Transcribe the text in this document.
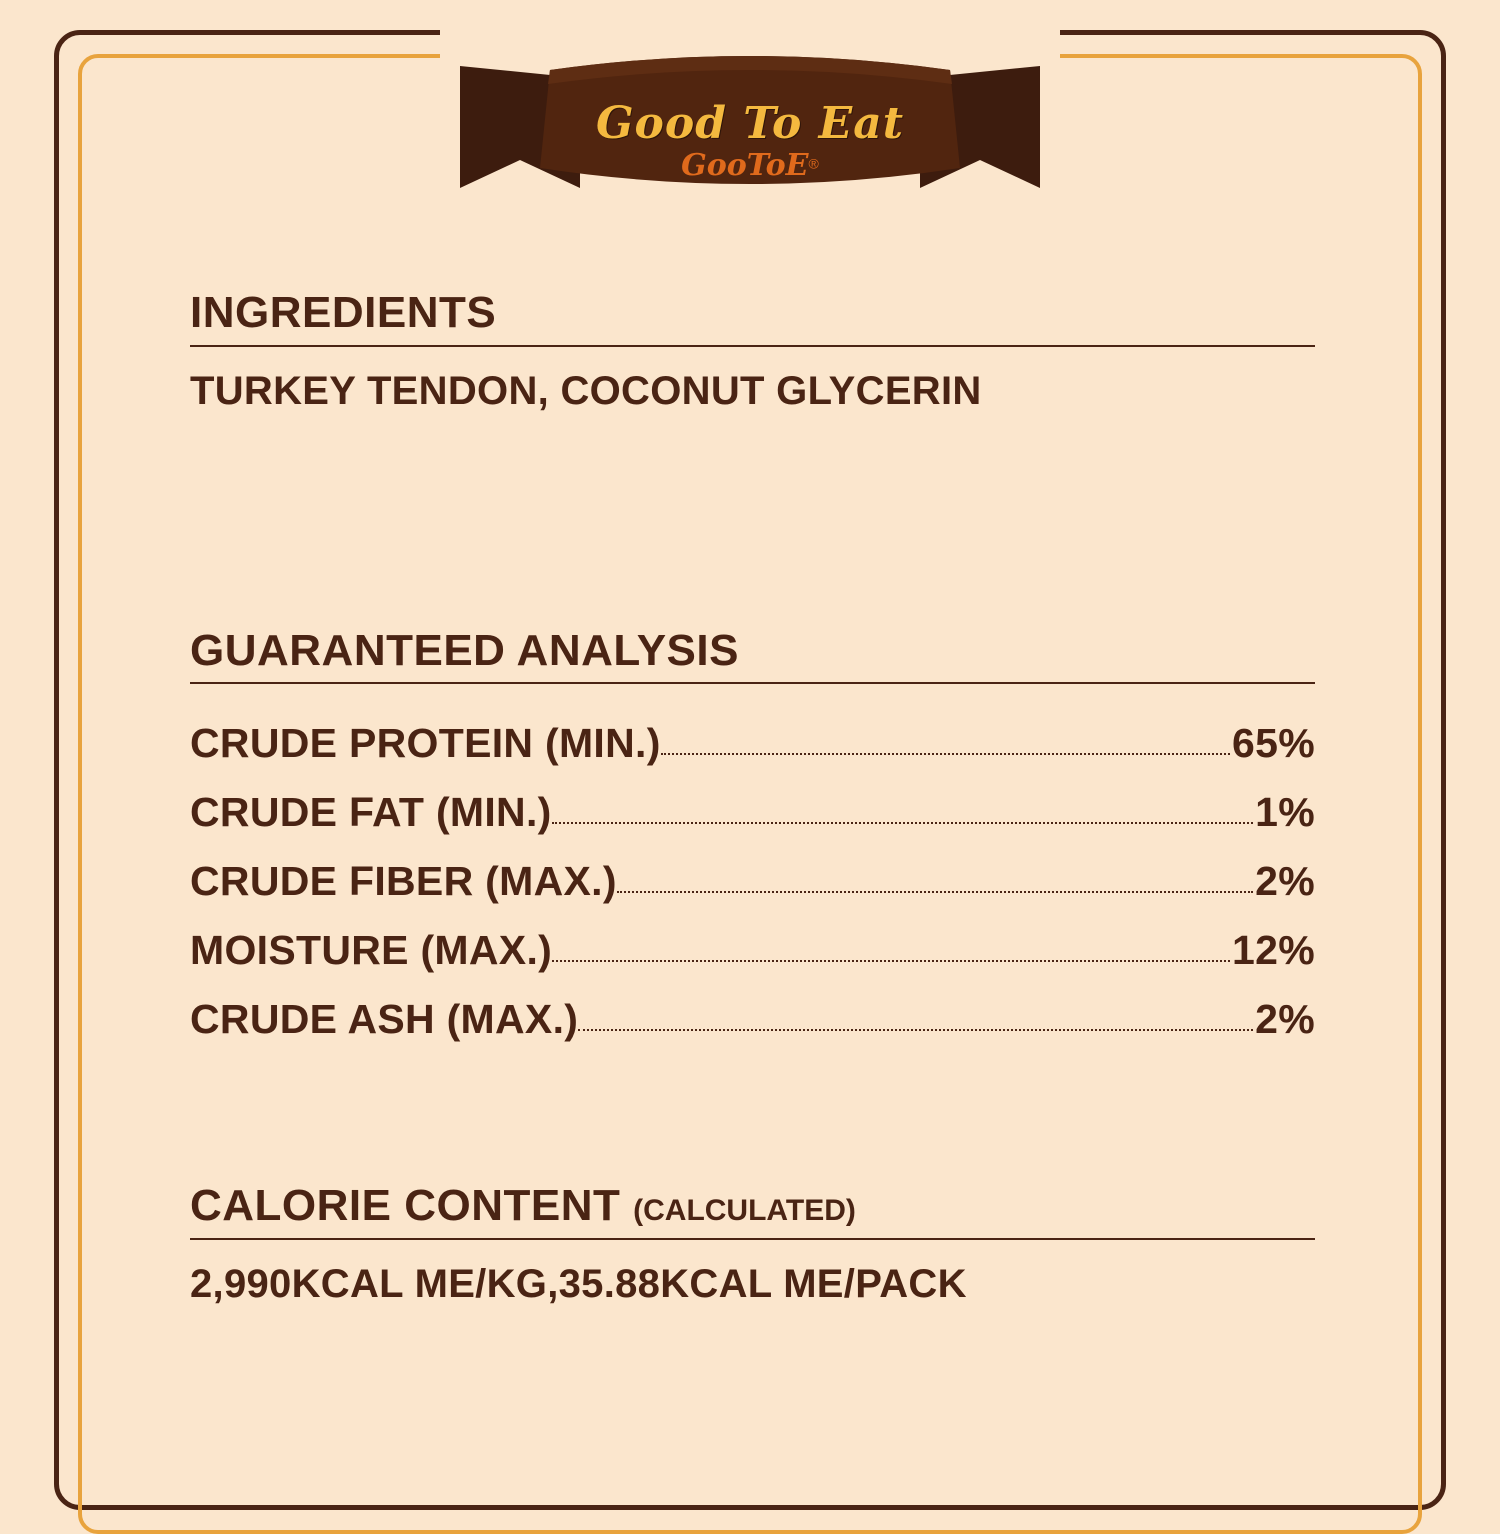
Good To Eat
GooToE®
INGREDIENTS
TURKEY TENDON, COCONUT GLYCERIN
GUARANTEED ANALYSIS
CRUDE PROTEIN (MIN.)	65%
CRUDE FAT (MIN.)	1%
CRUDE FIBER (MAX.)	2%
MOISTURE (MAX.)	12%
CRUDE ASH (MAX.)	2%
CALORIE CONTENT (CALCULATED)
2,990KCAL ME/KG,35.88KCAL ME/PACK
